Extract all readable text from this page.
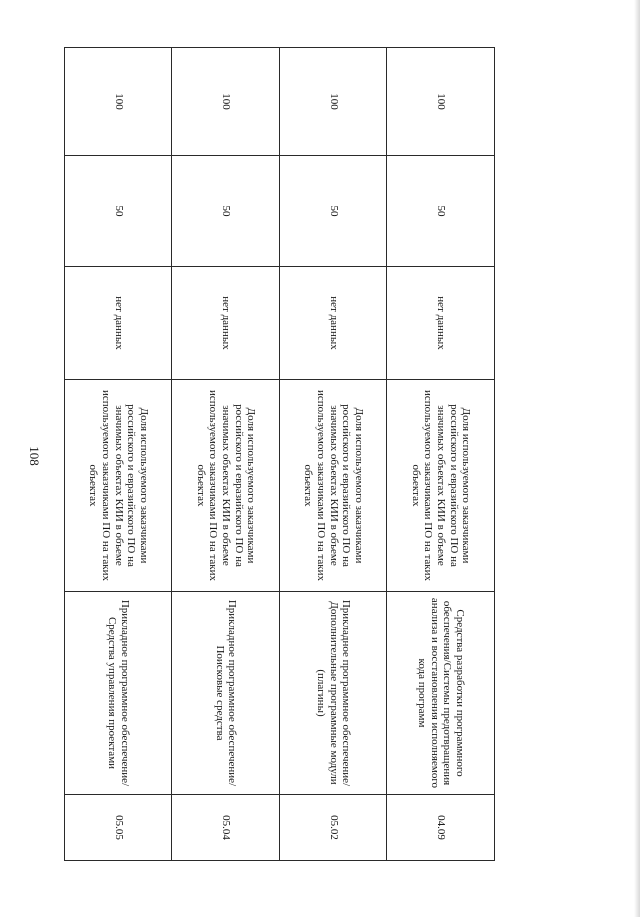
108
100	50	нет данных	Доля используемого заказчиками российского и евразийского ПО на значимых объектах КИИ в объеме используемого заказчиками ПО на таких объектах	Средства разработки программного обеспечения/Системы предотвращения анализа и восстановления исполняемого кода программ	04.09
100	50	нет данных	Доля используемого заказчиками российского и евразийского ПО на значимых объектах КИИ в объеме используемого заказчиками ПО на таких объектах	Прикладное программное обеспечение/Дополнительные программные модули (плагины)	05.02
100	50	нет данных	Доля используемого заказчиками российского и евразийского ПО на значимых объектах КИИ в объеме используемого заказчиками ПО на таких объектах	Прикладное программное обеспечение/Поисковые средства	05.04
100	50	нет данных	Доля используемого заказчиками российского и евразийского ПО на значимых объектах КИИ в объеме используемого заказчиками ПО на таких объектах	Прикладное программное обеспечение/Средства управления проектами	05.05
